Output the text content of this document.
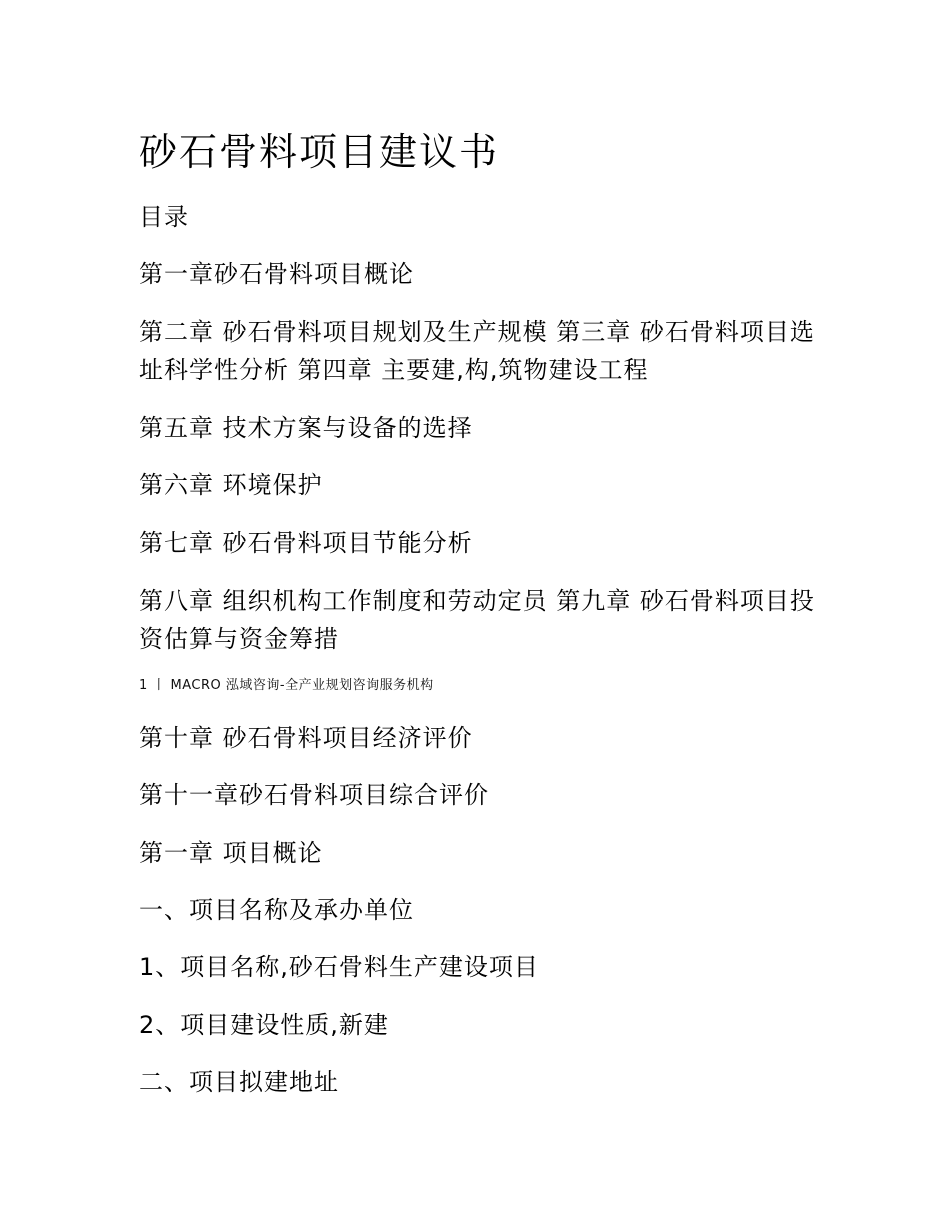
砂石骨料项目建议书
目录
第一章砂石骨料项目概论
第二章 砂石骨料项目规划及生产规模 第三章 砂石骨料项目选址科学性分析 第四章 主要建,构,筑物建设工程
第五章 技术方案与设备的选择
第六章 环境保护
第七章 砂石骨料项目节能分析
第八章 组织机构工作制度和劳动定员 第九章 砂石骨料项目投资估算与资金筹措
1 丨 MACRO 泓域咨询-全产业规划咨询服务机构
第十章 砂石骨料项目经济评价
第十一章砂石骨料项目综合评价
第一章 项目概论
一、项目名称及承办单位
1、项目名称,砂石骨料生产建设项目
2、项目建设性质,新建
二、项目拟建地址
